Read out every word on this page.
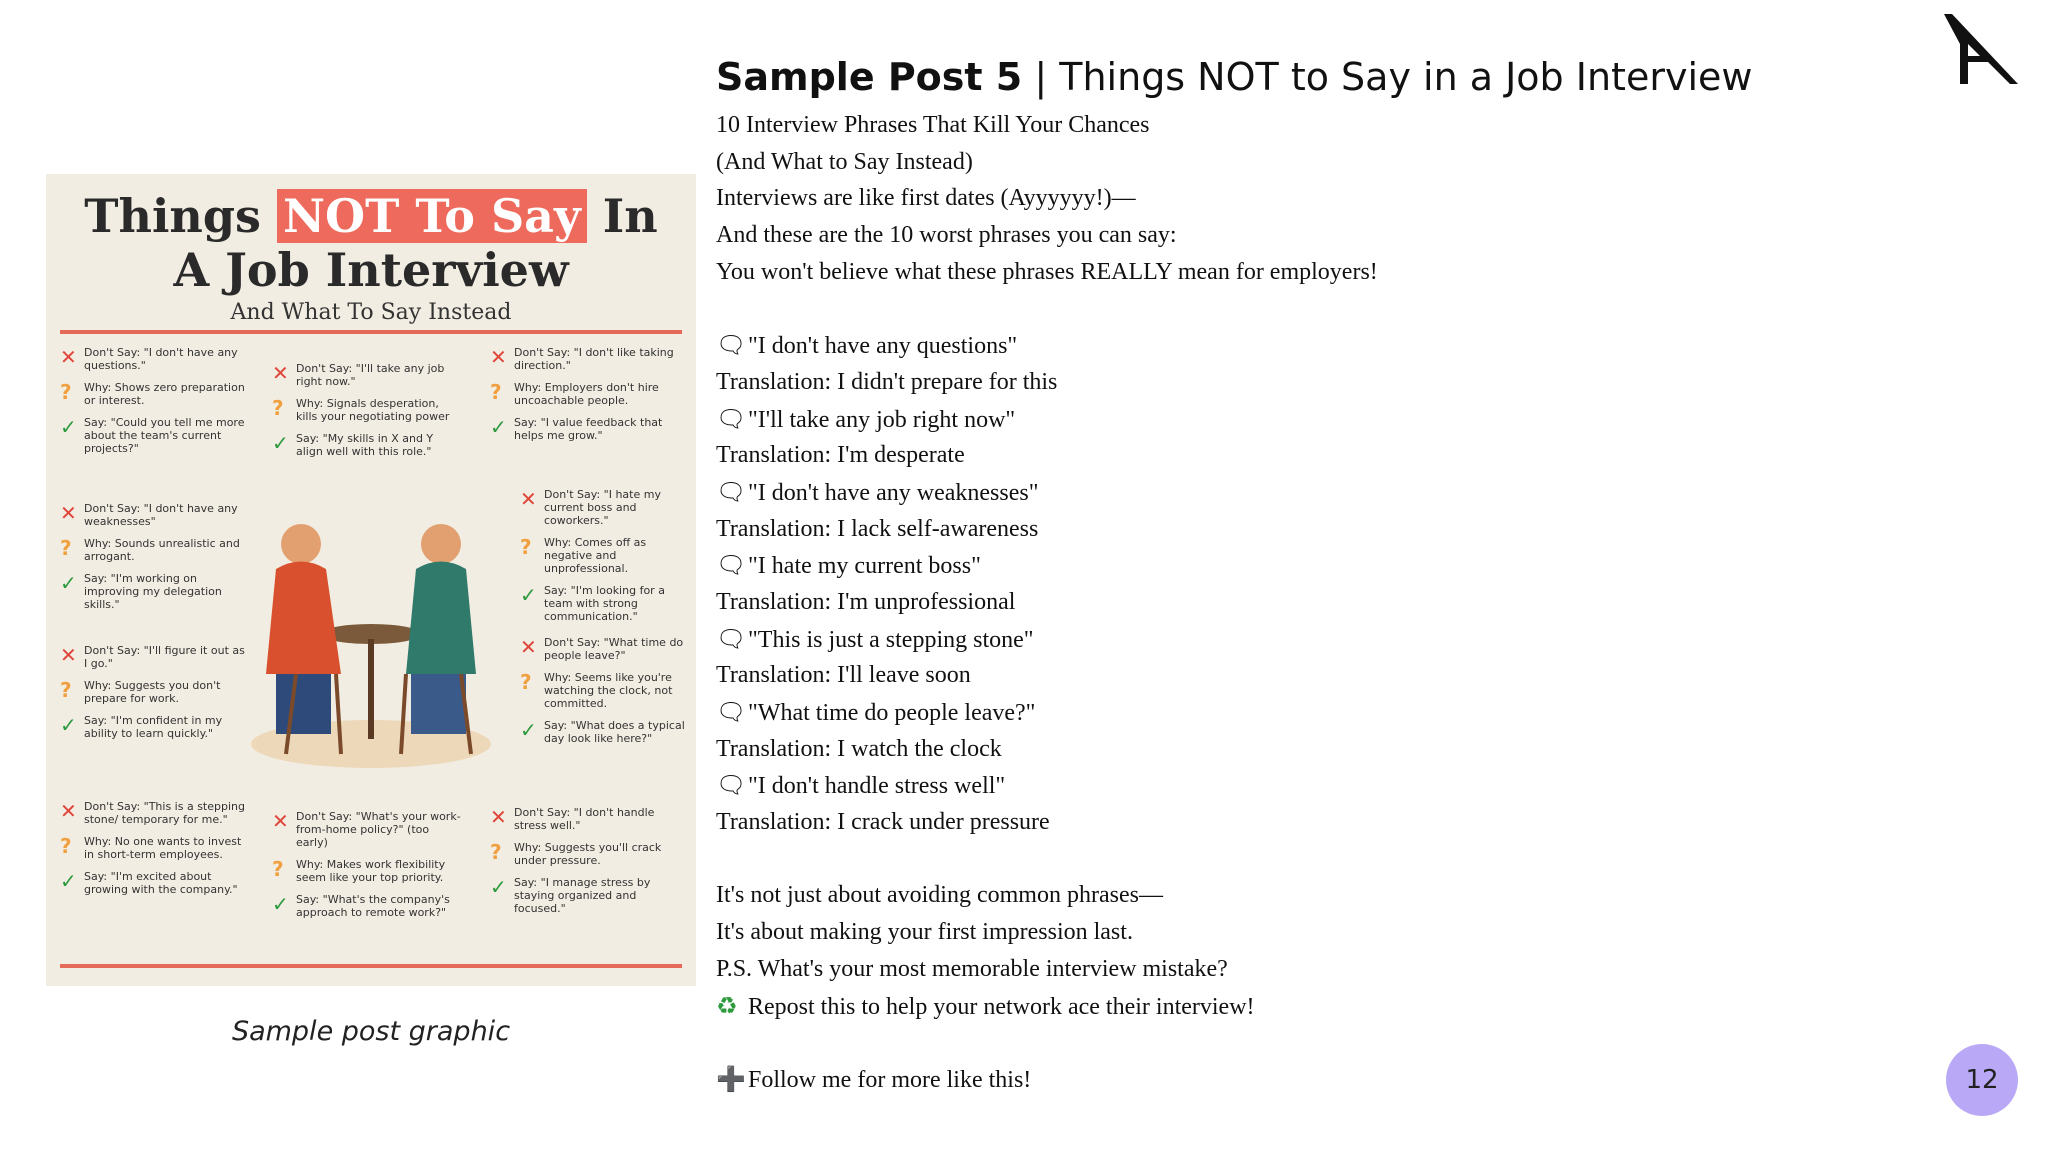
Sample Post 5 | Things NOT to Say in a Job Interview
10 Interview Phrases That Kill Your Chances
(And What to Say Instead)
Interviews are like first dates (Ayyyyyy!)—
And these are the 10 worst phrases you can say:
You won't believe what these phrases REALLY mean for employers!
🗨"I don't have any questions"
Translation: I didn't prepare for this
🗨"I'll take any job right now"
Translation: I'm desperate
🗨"I don't have any weaknesses"
Translation: I lack self-awareness
🗨"I hate my current boss"
Translation: I'm unprofessional
🗨"This is just a stepping stone"
Translation: I'll leave soon
🗨"What time do people leave?"
Translation: I watch the clock
🗨"I don't handle stress well"
Translation: I crack under pressure
It's not just about avoiding common phrases—
It's about making your first impression last.
P.S. What's your most memorable interview mistake?
♻ Repost this to help your network ace their interview!
➕Follow me for more like this!
Things NOT To Say In
A Job Interview
And What To Say Instead
✕ Don't Say: "I don't have any questions."
?	Why: Shows zero preparation or interest.
✓ Say: "Could you tell me more about the team's current projects?"
✕ Don't Say: "I'll take any job right now."
?	Why: Signals desperation, kills your negotiating power
✓ Say: "My skills in X and Y align well with this role."
✕ Don't Say: "I don't like taking direction."
?	Why: Employers don't hire uncoachable people.
✓ Say: "I value feedback that helps me grow."
✕ Don't Say: "I don't have any weaknesses"
?	Why: Sounds unrealistic and arrogant.
✓ Say: "I'm working on improving my delegation skills."
✕ Don't Say: "I hate my current boss and coworkers."
?	Why: Comes off as negative and unprofessional.
✓ Say: "I'm looking for a team with strong communication."
✕ Don't Say: "I'll figure it out as I go."
?	Why: Suggests you don't prepare for work.
✓ Say: "I'm confident in my ability to learn quickly."
✕ Don't Say: "What time do people leave?"
?	Why: Seems like you're watching the clock, not committed.
✓ Say: "What does a typical day look like here?"
✕ Don't Say: "This is a stepping stone/ temporary for me."
?	Why: No one wants to invest in short-term employees.
✓ Say: "I'm excited about growing with the company."
✕ Don't Say: "What's your work-from-home policy?" (too early)
?	Why: Makes work flexibility seem like your top priority.
✓ Say: "What's the company's approach to remote work?"
✕ Don't Say: "I don't handle stress well."
?	Why: Suggests you'll crack under pressure.
✓ Say: "I manage stress by staying organized and focused."
Sample post graphic
12
